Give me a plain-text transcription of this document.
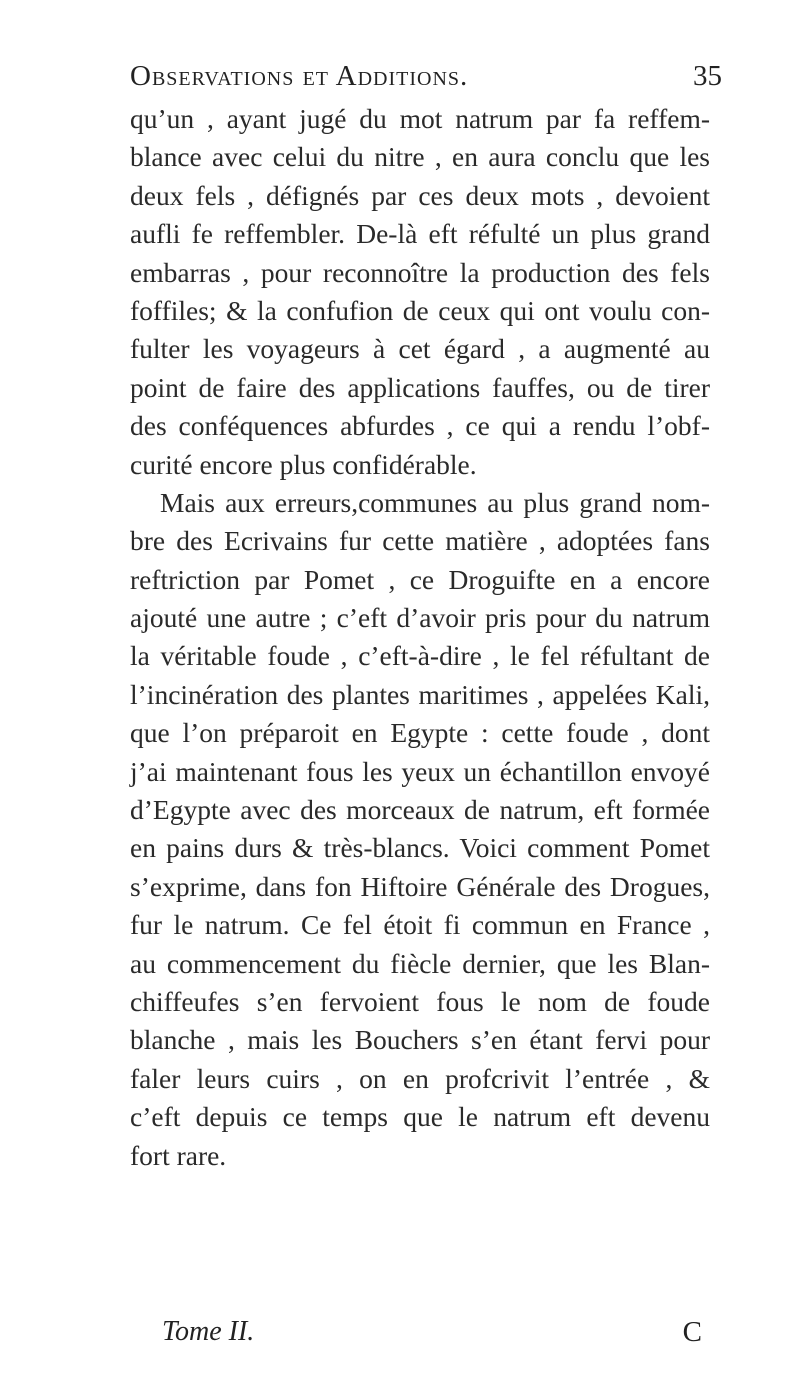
Observations et Additions.	35
qu’un , ayant jugé du mot natrum par fa reffem-
blance avec celui du nitre , en aura conclu que les
deux fels , défignés par ces deux mots , devoient
aufli fe reffembler. De-là eft réfulté un plus grand
embarras , pour reconnoître la production des fels
foffiles; & la confufion de ceux qui ont voulu con-
fulter les voyageurs à cet égard , a augmenté au
point de faire des applications fauffes, ou de tirer
des conféquences abfurdes , ce qui a rendu l’obf-
curité encore plus confidérable.
Mais aux erreurs,communes au plus grand nom-
bre des Ecrivains fur cette matière , adoptées fans
reftriction par Pomet , ce Droguifte en a encore
ajouté une autre ; c’eft d’avoir pris pour du natrum
la véritable foude , c’eft-à-dire , le fel réfultant de
l’incinération des plantes maritimes , appelées Kali,
que l’on préparoit en Egypte : cette foude , dont
j’ai maintenant fous les yeux un échantillon envoyé
d’Egypte avec des morceaux de natrum, eft formée
en pains durs & très-blancs. Voici comment Pomet
s’exprime, dans fon Hiftoire Générale des Drogues,
fur le natrum. Ce fel étoit fi commun en France ,
au commencement du fiècle dernier, que les Blan-
chiffeufes s’en fervoient fous le nom de foude
blanche , mais les Bouchers s’en étant fervi pour
faler leurs cuirs , on en profcrivit l’entrée , &
c’eft depuis ce temps que le natrum eft devenu
fort rare.
Tome II.	C
